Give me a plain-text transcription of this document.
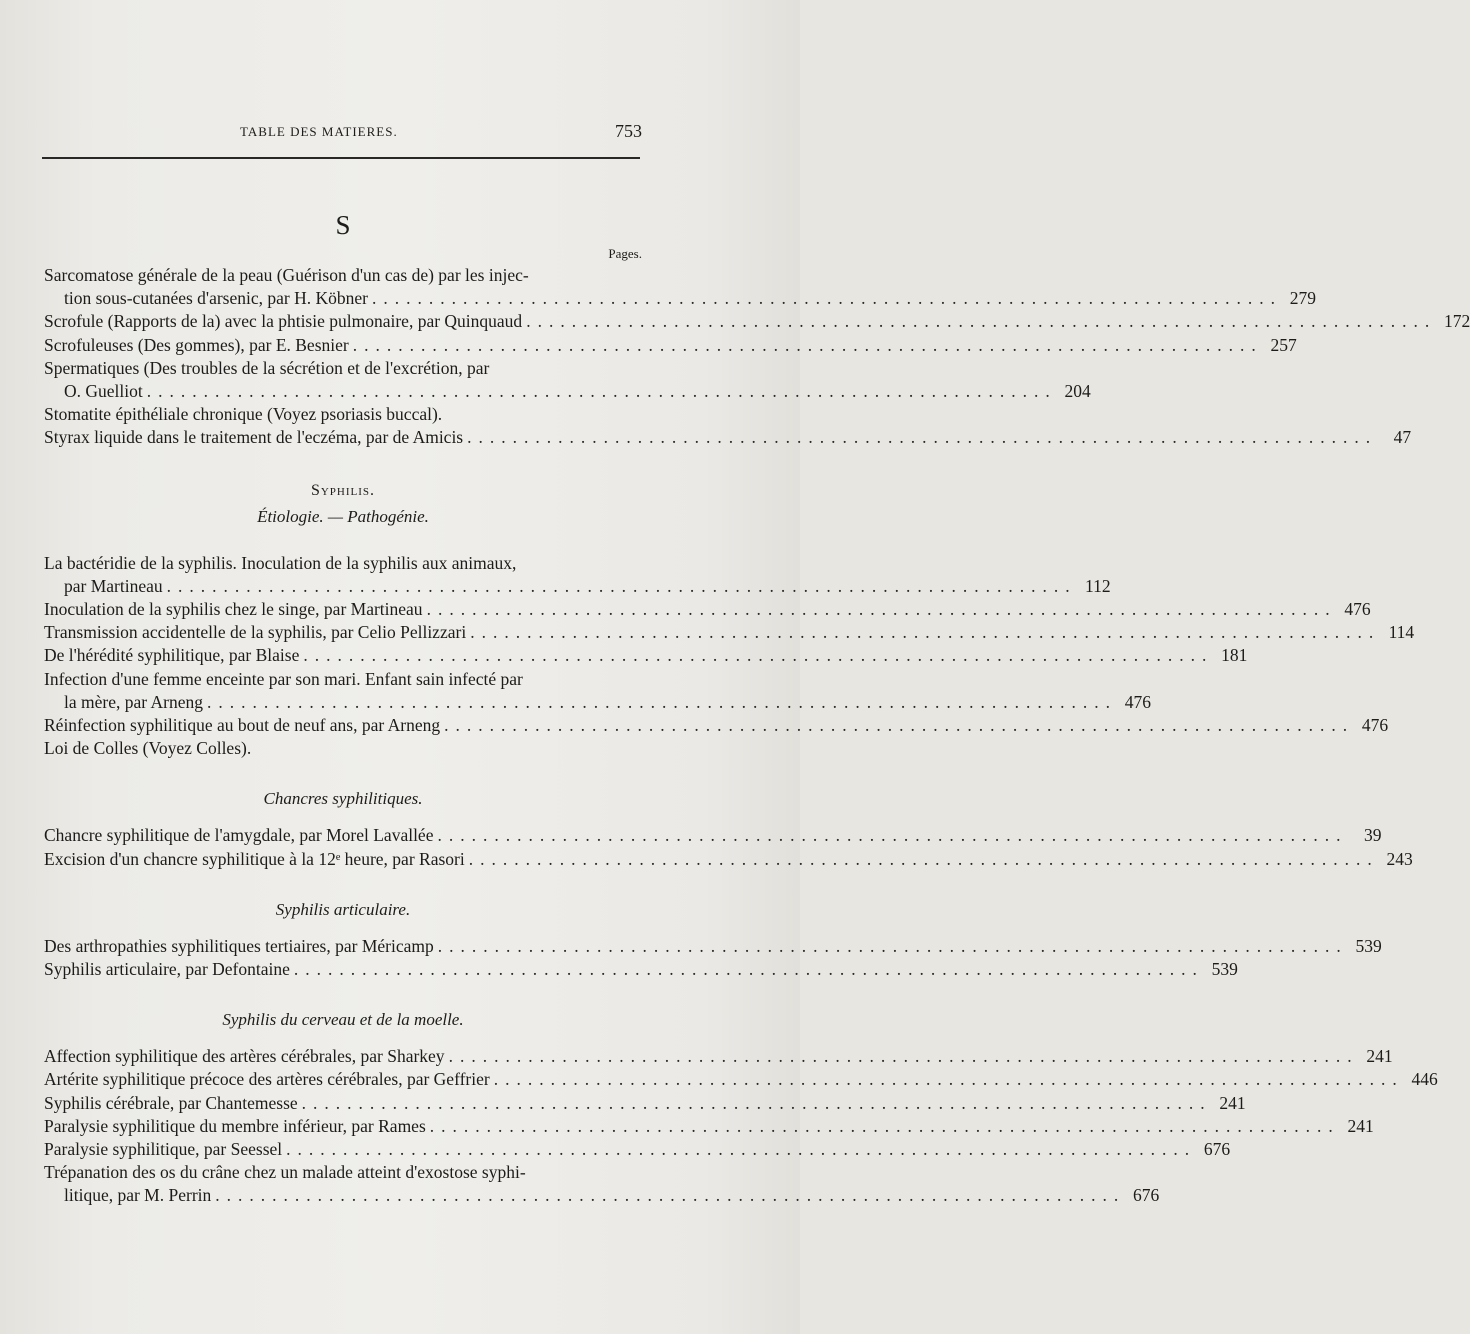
TABLE DES MATIERES.	753
S
Pages.
Sarcomatose générale de la peau (Guérison d'un cas de) par les injec-
tion sous-cutanées d'arsenic, par H. Köbner ................................................................................ 279
Scrofule (Rapports de la) avec la phtisie pulmonaire, par Quinquaud ................................................................................ 172
Scrofuleuses (Des gommes), par E. Besnier ................................................................................ 257
Spermatiques (Des troubles de la sécrétion et de l'excrétion, par
O. Guelliot ................................................................................ 204
Stomatite épithéliale chronique (Voyez psoriasis buccal).
Styrax liquide dans le traitement de l'eczéma, par de Amicis ................................................................................ 47
Syphilis.
Étiologie. — Pathogénie.
La bactéridie de la syphilis. Inoculation de la syphilis aux animaux,
par Martineau ................................................................................ 112
Inoculation de la syphilis chez le singe, par Martineau ................................................................................ 476
Transmission accidentelle de la syphilis, par Celio Pellizzari ................................................................................ 114
De l'hérédité syphilitique, par Blaise ................................................................................ 181
Infection d'une femme enceinte par son mari. Enfant sain infecté par
la mère, par Arneng ................................................................................ 476
Réinfection syphilitique au bout de neuf ans, par Arneng ................................................................................ 476
Loi de Colles (Voyez Colles).
Chancres syphilitiques.
Chancre syphilitique de l'amygdale, par Morel Lavallée ................................................................................ 39
Excision d'un chancre syphilitique à la 12ᵉ heure, par Rasori ................................................................................ 243
Syphilis articulaire.
Des arthropathies syphilitiques tertiaires, par Méricamp ................................................................................ 539
Syphilis articulaire, par Defontaine ................................................................................ 539
Syphilis du cerveau et de la moelle.
Affection syphilitique des artères cérébrales, par Sharkey ................................................................................ 241
Artérite syphilitique précoce des artères cérébrales, par Geffrier ................................................................................ 446
Syphilis cérébrale, par Chantemesse ................................................................................ 241
Paralysie syphilitique du membre inférieur, par Rames ................................................................................ 241
Paralysie syphilitique, par Seessel ................................................................................ 676
Trépanation des os du crâne chez un malade atteint d'exostose syphi-
litique, par M. Perrin ................................................................................ 676
